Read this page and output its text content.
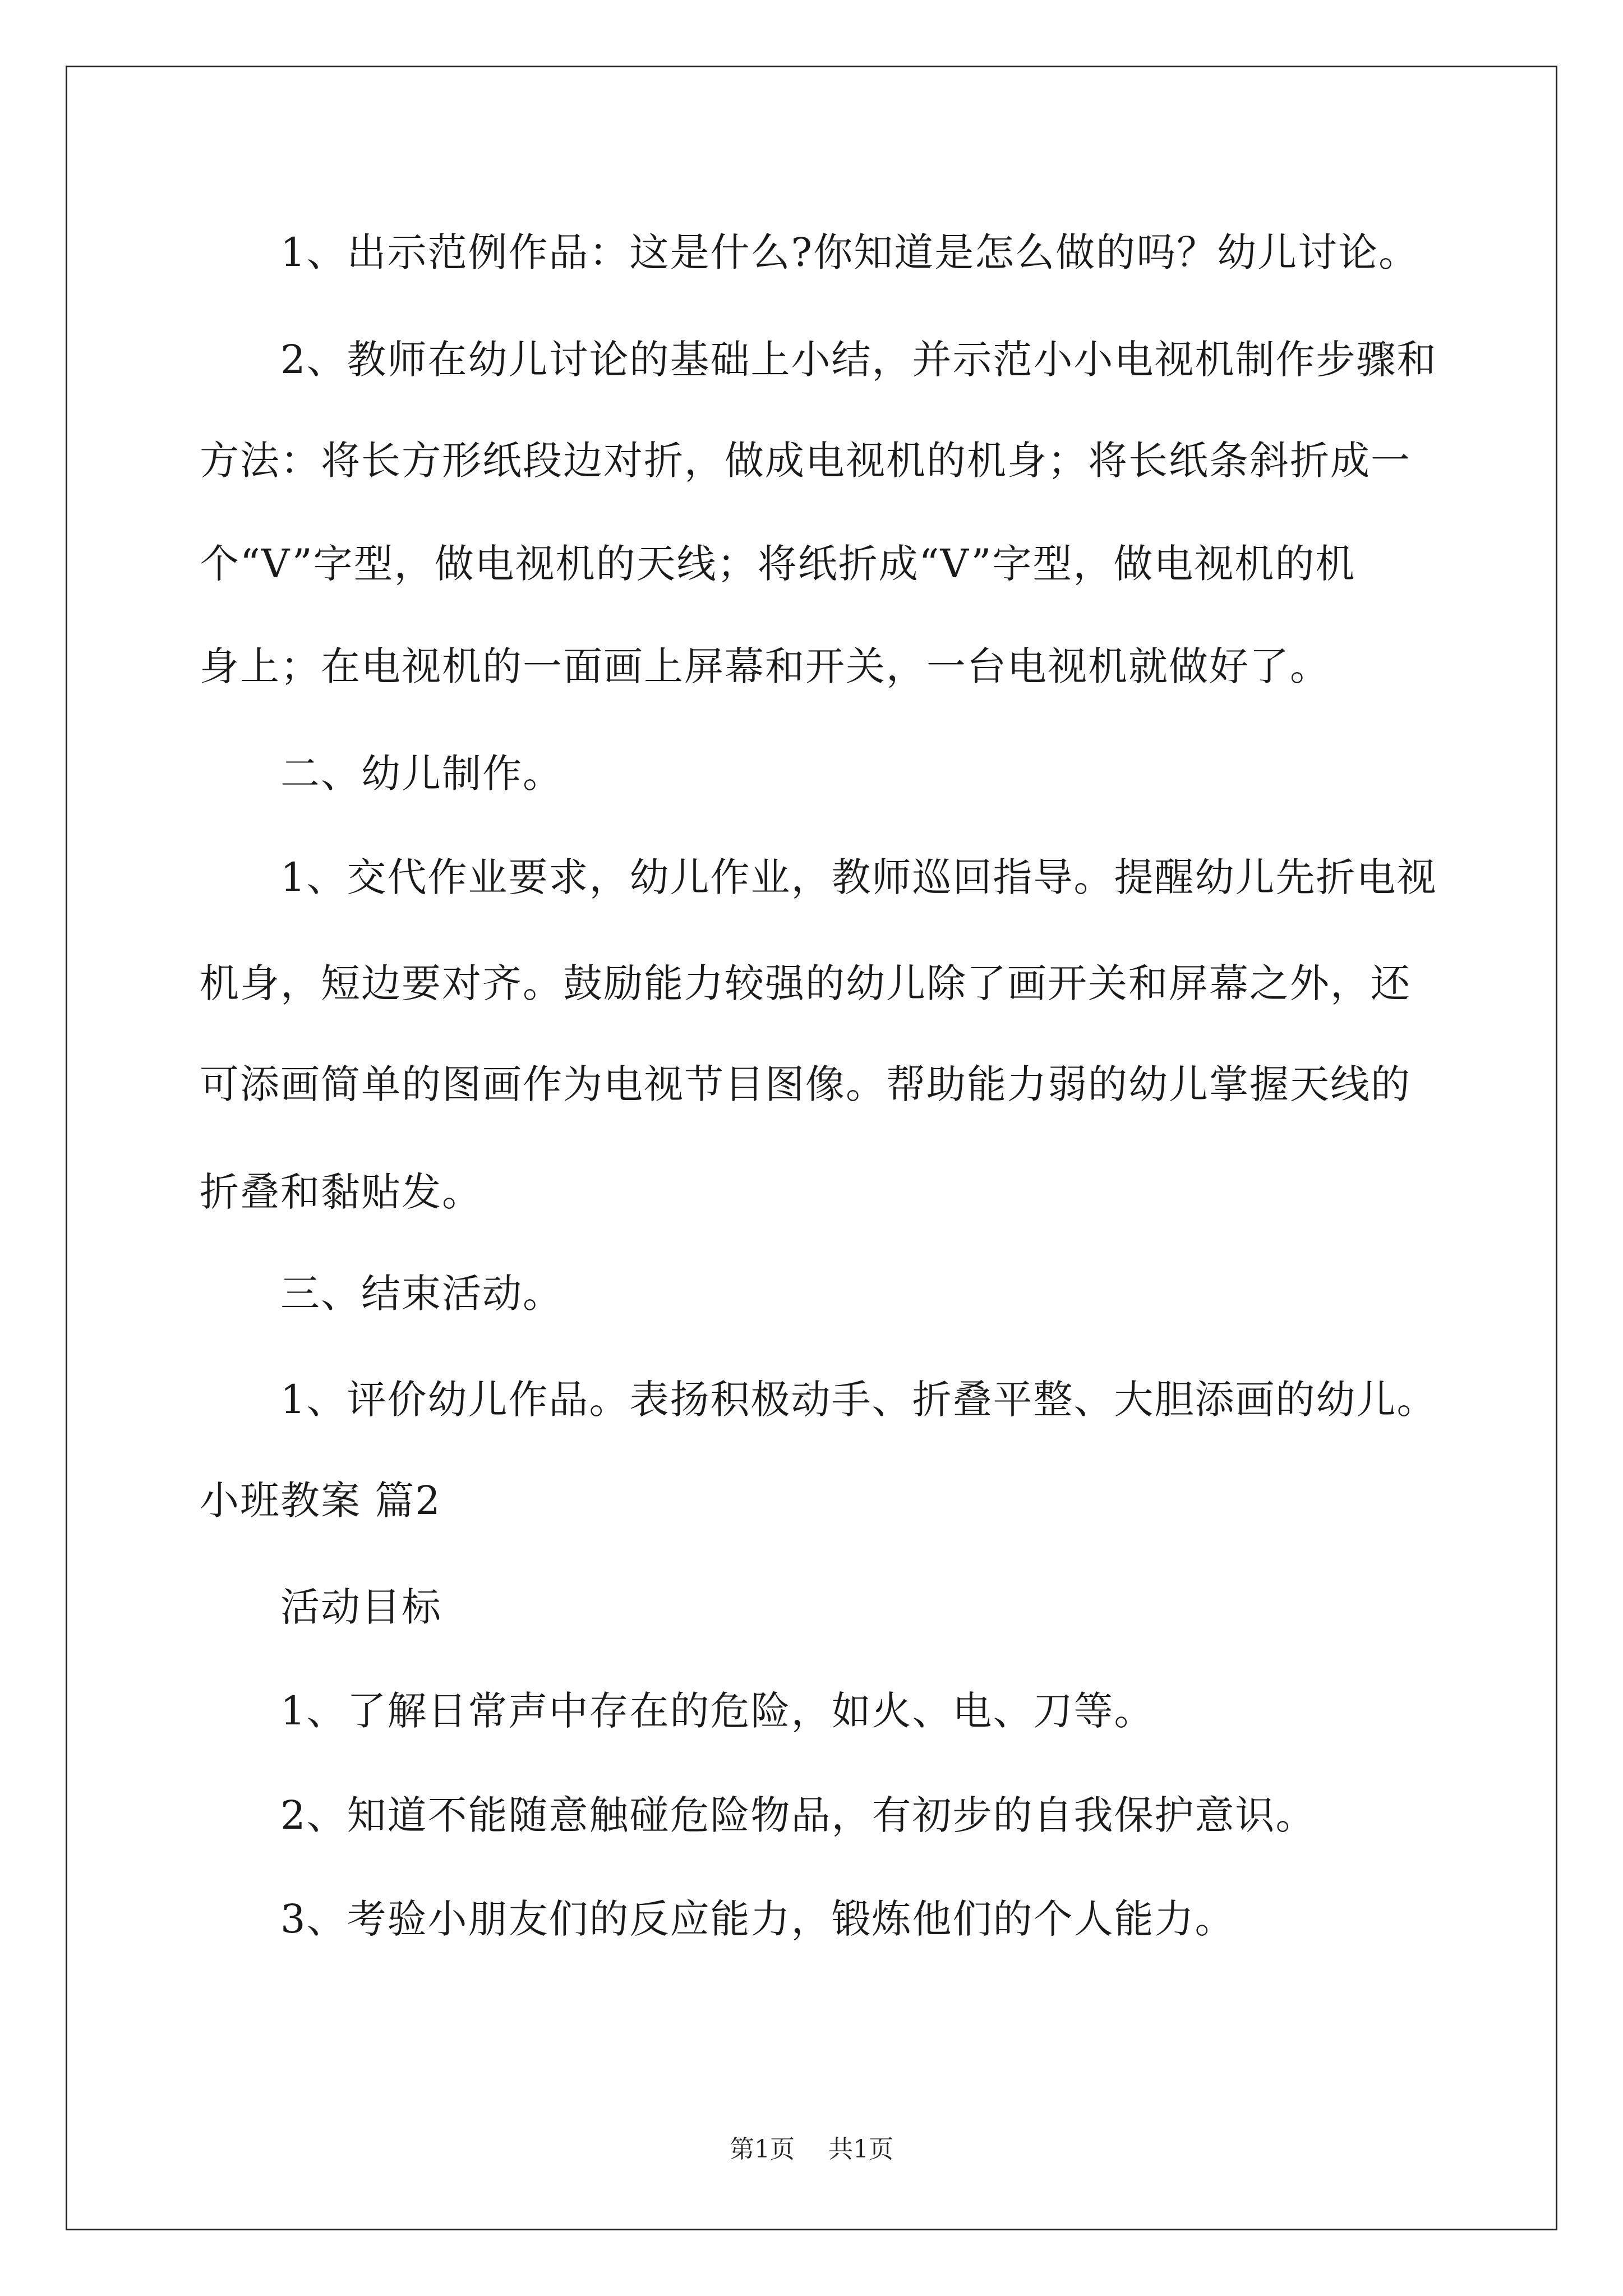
1、出示范例作品：这是什么?你知道是怎么做的吗？幼儿讨论。
2、教师在幼儿讨论的基础上小结，并示范小小电视机制作步骤和
方法：将长方形纸段边对折，做成电视机的机身；将长纸条斜折成一
个“V”字型，做电视机的天线；将纸折成“V”字型，做电视机的机
身上；在电视机的一面画上屏幕和开关，一台电视机就做好了。
二、幼儿制作。
1、交代作业要求，幼儿作业，教师巡回指导。提醒幼儿先折电视
机身，短边要对齐。鼓励能力较强的幼儿除了画开关和屏幕之外，还
可添画简单的图画作为电视节目图像。帮助能力弱的幼儿掌握天线的
折叠和黏贴发。
三、结束活动。
1、评价幼儿作品。表扬积极动手、折叠平整、大胆添画的幼儿。
小班教案 篇2
活动目标
1、了解日常声中存在的危险，如火、电、刀等。
2、知道不能随意触碰危险物品，有初步的自我保护意识。
3、考验小朋友们的反应能力，锻炼他们的个人能力。
第1页 共1页
